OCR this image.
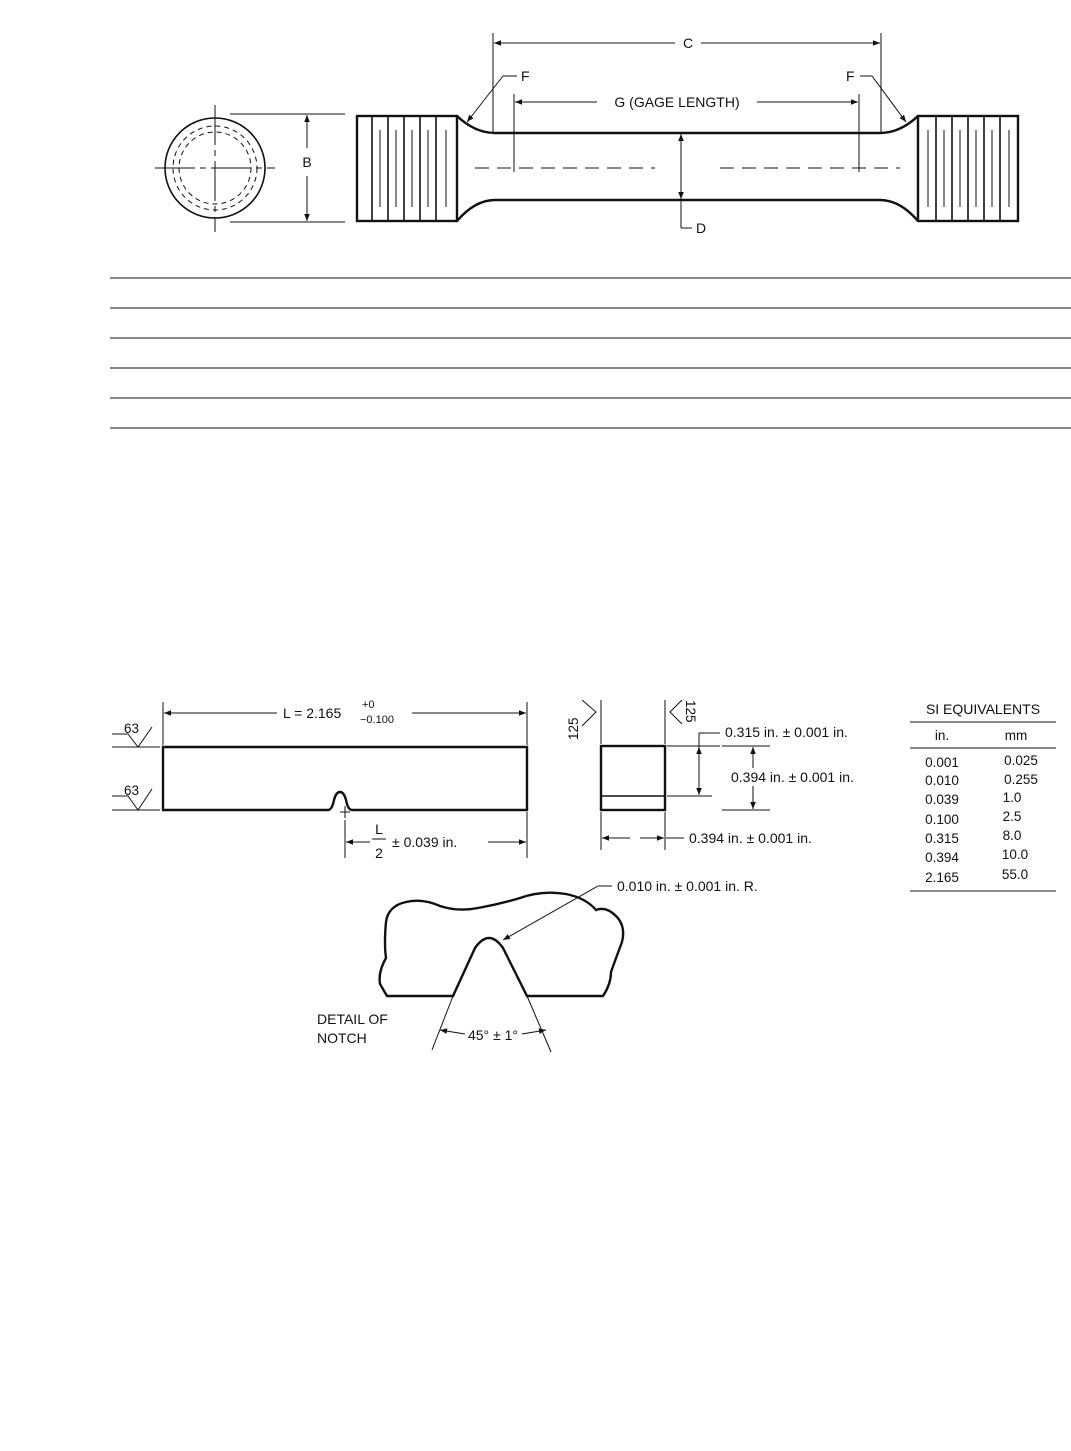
B
C
G (GAGE LENGTH)
F	F
D
L = 2.165 +0
−0.100
63
63
L
2
± 0.039 in.
125
125
0.315 in. ± 0.001 in.
0.394 in. ± 0.001 in.
0.394 in. ± 0.001 in.
SI EQUIVALENTS
in.	mm
0.001	0.025
0.010	0.255
0.039	1.0
0.100	2.5
0.315	8.0
0.394	10.0
2.165	55.0
0.010 in. ± 0.001 in. R.
45° ± 1°
DETAIL OF
NOTCH
